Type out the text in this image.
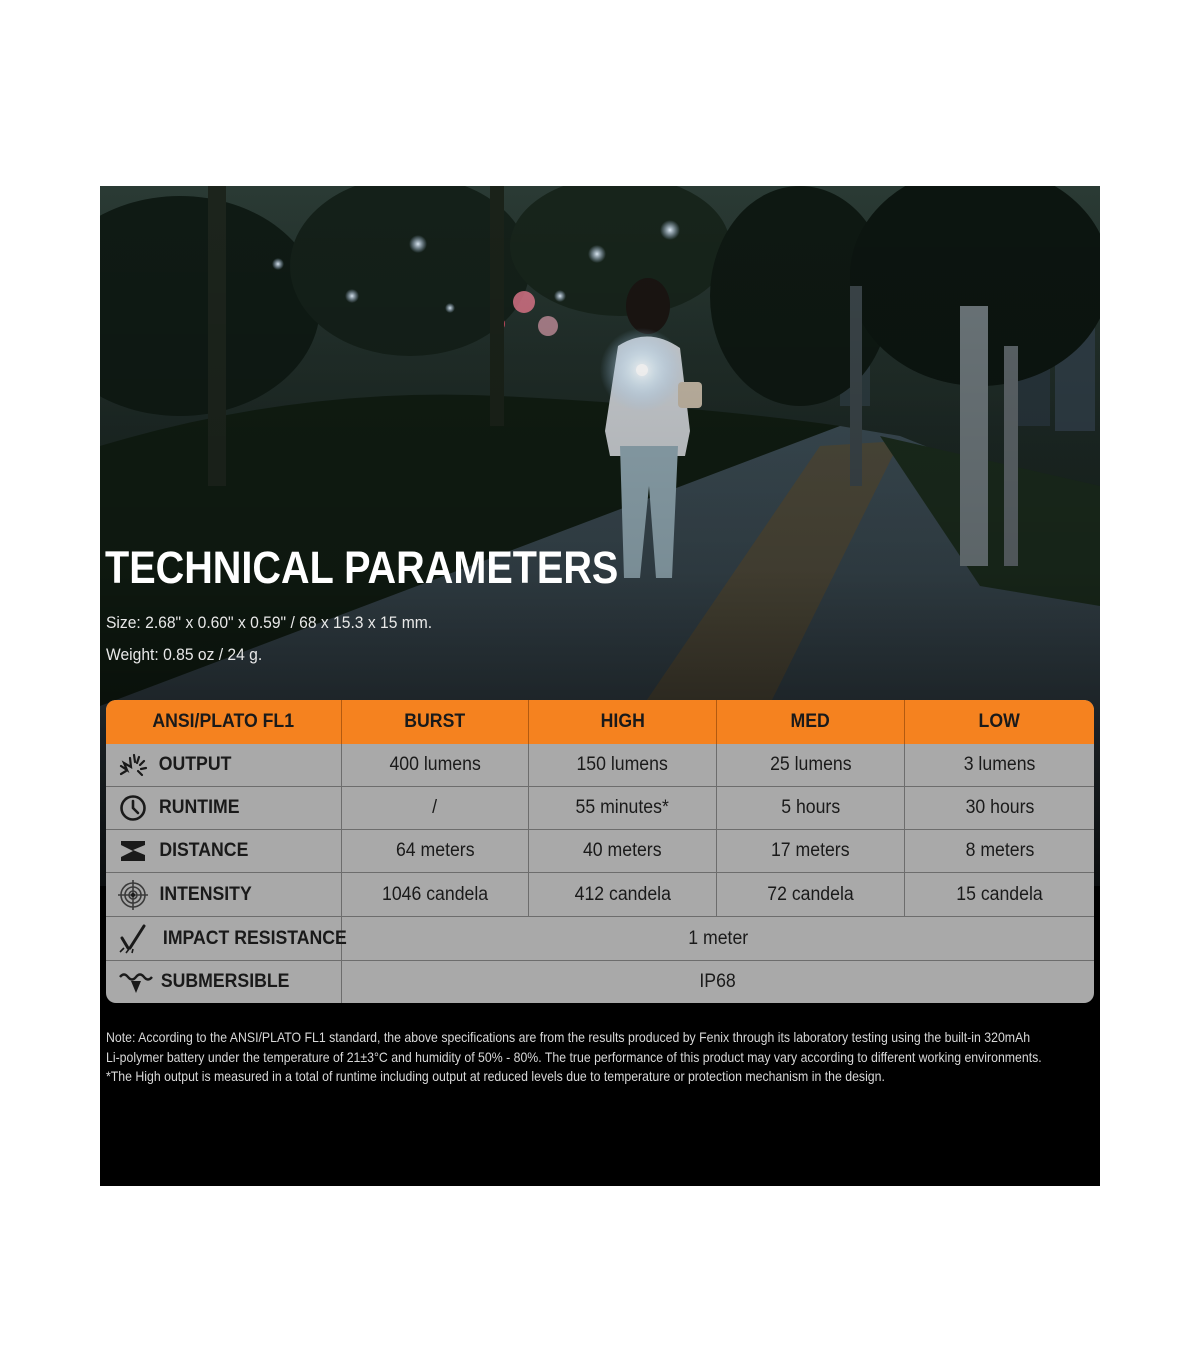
TECHNICAL PARAMETERS
Size: 2.68" x 0.60" x 0.59" / 68 x 15.3 x 15 mm.
Weight: 0.85 oz / 24 g.
ANSI/PLATO FL1	BURST	HIGH	MED	LOW
OUTPUT	400 lumens	150 lumens	25 lumens	3 lumens
RUNTIME	/	55 minutes*	5 hours	30 hours
DISTANCE	64 meters	40 meters	17 meters	8 meters
INTENSITY	1046 candela	412 candela	72 candela	15 candela
IMPACT RESISTANCE	1 meter
SUBMERSIBLE	IP68
Note: According to the ANSI/PLATO FL1 standard, the above specifications are from the results produced by Fenix through its laboratory testing using the built-in 320mAh
Li-polymer battery under the temperature of 21±3°C and humidity of 50% - 80%. The true performance of this product may vary according to different working environments.
*The High output is measured in a total of runtime including output at reduced levels due to temperature or protection mechanism in the design.
